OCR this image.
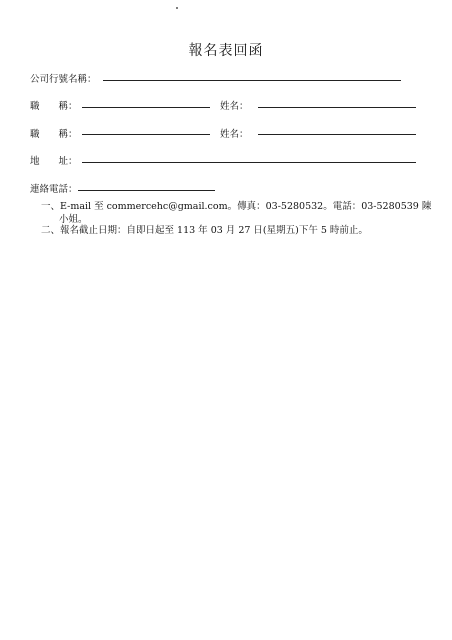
報名表回函
公司行號名稱：
職　　稱：	姓名：
職　　稱：	姓名：
地　　址：
連絡電話：
一、E-mail 至 commercehc@gmail.com。傳真：03-5280532。電話：03-5280539 陳
小姐。
二、報名截止日期：自即日起至 113 年 03 月 27 日(星期五)下午 5 時前止。
